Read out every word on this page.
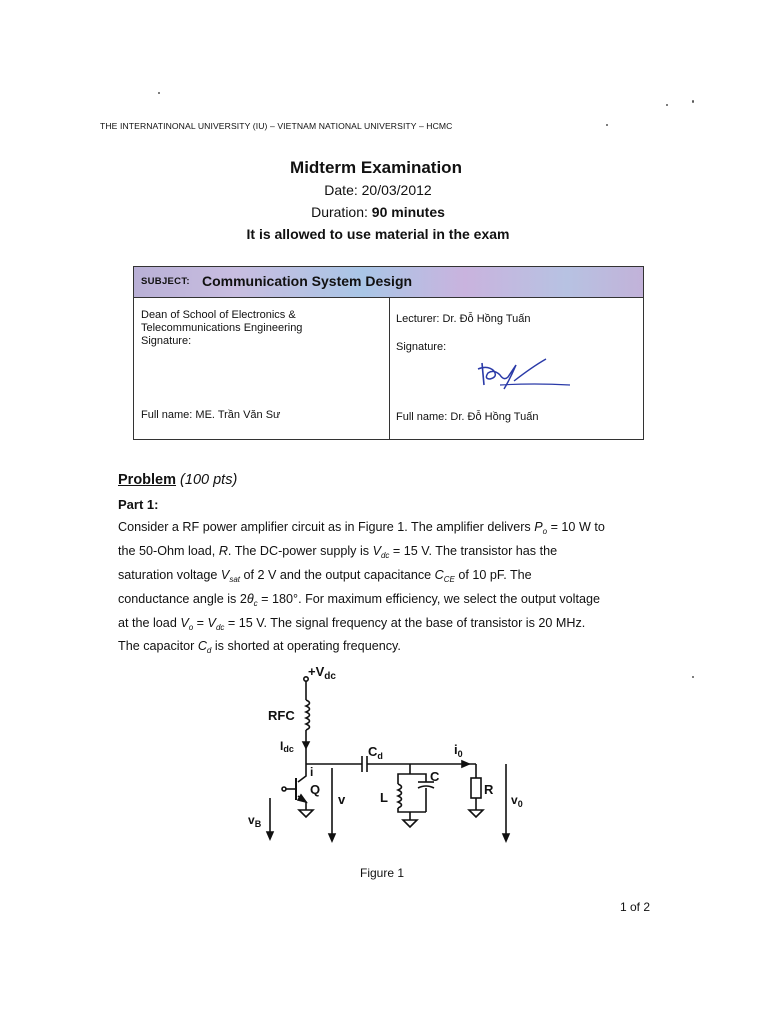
THE INTERNATINONAL UNIVERSITY (IU) – VIETNAM NATIONAL UNIVERSITY – HCMC
Midterm Examination
Date: 20/03/2012
Duration: 90 minutes
It is allowed to use material in the exam
SUBJECT: Communication System Design
Dean of School of Electronics &
Telecommunications Engineering
Signature:
Full name: ME. Trần Văn Sư
Lecturer: Dr. Đỗ Hồng Tuấn
Signature:
Full name: Dr. Đỗ Hồng Tuấn
Problem (100 pts)
Part 1:
Consider a RF power amplifier circuit as in Figure 1. The amplifier delivers $P_o = 10$ W to
the 50-Ohm load, R. The DC-power supply is $V_{dc} = 15$ V. The transistor has the
saturation voltage $V_{sat}$ of 2 V and the output capacitance $C_{CE}$ of 10 pF. The
conductance angle is $2\theta_c = 180^\circ$. For maximum efficiency, we select the output voltage
at the load $V_o = V_{dc} = 15$ V. The signal frequency at the base of transistor is 20 MHz.
The capacitor $C_d$ is shorted at operating frequency.
$+V_{dc}$
RFC
Idc	$C_d$	$i_0$
i
Q
$v_B$
v	L
C
R
$v_0$
Figure 1
1 of 2
